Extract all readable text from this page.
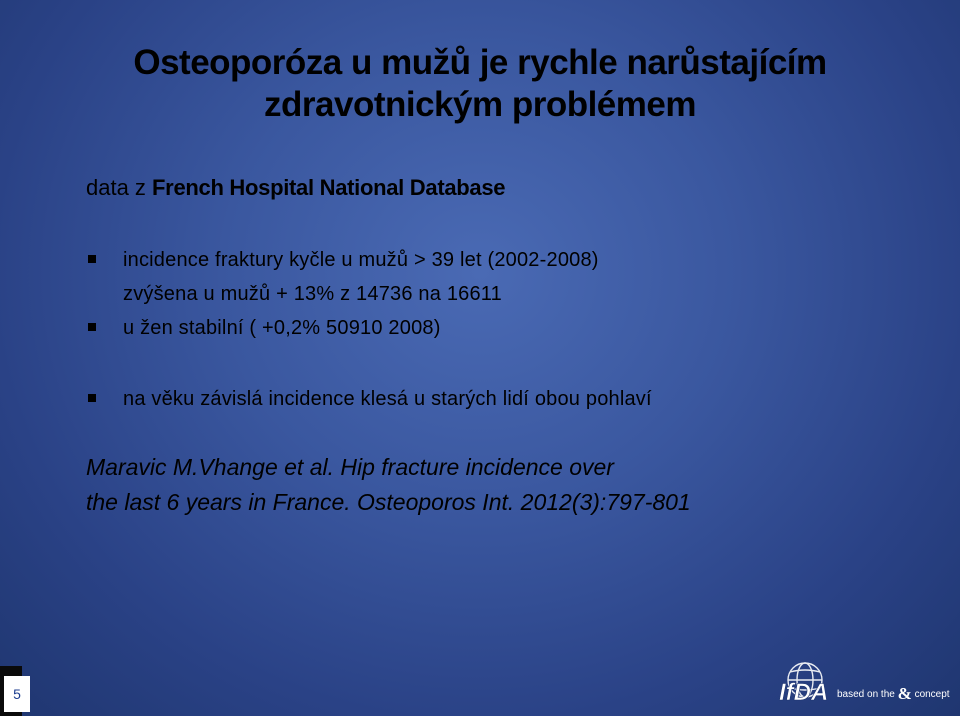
Osteoporóza u mužů je rychle narůstajícím
zdravotnickým problémem
data z French Hospital National Database
incidence fraktury kyčle u mužů > 39 let (2002-2008)
zvýšena u mužů + 13% z 14736 na 16611
u žen stabilní ( +0,2% 50910 2008)
na věku závislá incidence klesá u starých lidí obou pohlaví
Maravic M.Vhange et al. Hip fracture incidence over
the last 6 years in France. Osteoporos Int. 2012(3):797-801
5	IfDA based on the & concept
